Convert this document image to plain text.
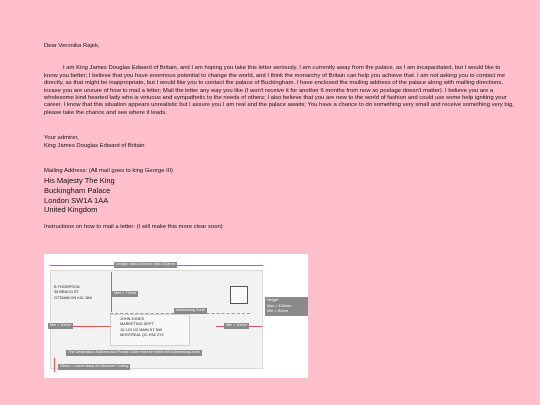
Dear Veronika Rajek,

I am King James Douglas Edward of Britain, and I am hoping you take this letter seriously. I am currently away from the palace, as I am incapacitated, but I would like to know you better; I believe that you have enormous potential to change the world, and I think the monarchy of Britain can help you achieve that. I am not asking you to contact me directly, as that might be inappropriate, but I would like you to contact the palace of Buckingham. I have enclosed the mailing address of the palace along with mailing directions, incase you are unsure of how to mail a letter; Mail the letter any way you like (I won't receive it for another 6 months from now so postage doesn't matter). I believe you are a wholesome kind hearted lady who is virtuous and sympathetic to the needs of others; I also believe that you are new to the world of fashion and could use some help igniting your career. I know that this situation appears unrealistic but I assure you I am real and the palace awaits; You have a chance to do something very small and receive something very big, please take the chance and see where it leads.

Your admirer,

King James Douglas Edward of Britain

Mailing Address: (All mail goes to king George III)

His Majesty The King

Buckingham Palace

London SW1A 1AA

United Kingdom

Instructions on how to mail a letter: (I will make this more clear soon)

Length: Max=245mm, Min=140mm
B THOMPSON
35 BRACO ST
OTTAWA ON K2L 1B6
Max = 75mm
Addressing Zone
Min = 10mm	Min = 10mm
JOHN JONES
MARKETING DEPT
10-123 1/2 MAIN ST NW
MONTREAL QC H3Z 2Y2
The Destination Address and Postal Code must be within the Addressing Zone
15mm - Leave blank for Machine Coding
Height:
Max = 156mm,
Min = 90mm
